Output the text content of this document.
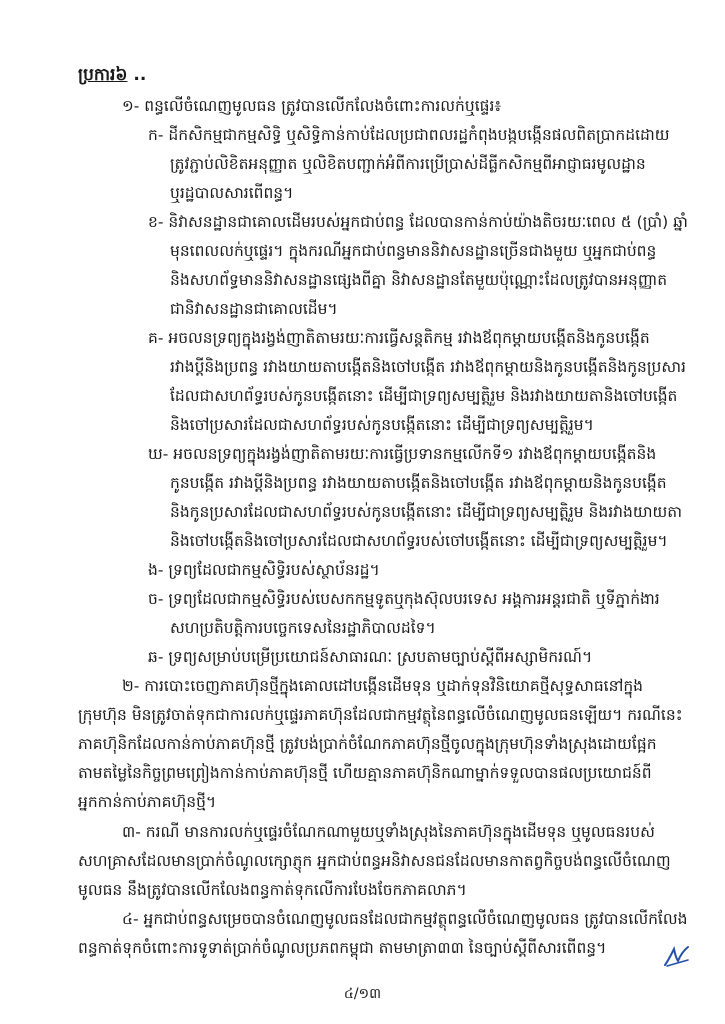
ប្រការ៦ ..
១- ពន្ធលើចំណេញមូលធន ត្រូវបានលើកលែងចំពោះការលក់ឬផ្ទេរ៖
ក- ដីកសិកម្មជាកម្មសិទ្ធិ ឬសិទ្ធិកាន់កាប់ដែលប្រជាពលរដ្ឋកំពុងបង្កបង្កើនផលពិតប្រាកដដោយ
ត្រូវភ្ជាប់លិខិតអនុញ្ញាត ឬលិខិតបញ្ជាក់អំពីការប្រើប្រាស់ដីធ្លីកសិកម្មពីអាជ្ញាធរមូលដ្ឋាន
ឬរដ្ឋបាលសារពើពន្ធ។
ខ- និវាសនដ្ឋានជាគោលដើមរបស់អ្នកជាប់ពន្ធ ដែលបានកាន់កាប់យ៉ាងតិចរយៈពេល ៥ (ប្រាំ) ឆ្នាំ
មុនពេលលក់ឬផ្ទេរ។ ក្នុងករណីអ្នកជាប់ពន្ធមាននិវាសនដ្ឋានច្រើនជាងមួយ ឬអ្នកជាប់ពន្ធ
និងសហព័ទ្ធមាននិវាសនដ្ឋានផ្សេងពីគ្នា និវាសនដ្ឋានតែមួយប៉ុណ្ណោះដែលត្រូវបានអនុញ្ញាត
ជានិវាសនដ្ឋានជាគោលដើម។
គ- អចលនទ្រព្យក្នុងរង្វង់ញាតិតាមរយៈការធ្វើសន្តតិកម្ម រវាងឪពុកម្ដាយបង្កើតនិងកូនបង្កើត
រវាងប្ដីនិងប្រពន្ធ រវាងយាយតាបង្កើតនិងចៅបង្កើត រវាងឪពុកម្ដាយនិងកូនបង្កើតនិងកូនប្រសារ
ដែលជាសហព័ទ្ធរបស់កូនបង្កើតនោះ ដើម្បីជាទ្រព្យសម្បត្តិរួម និងរវាងយាយតានិងចៅបង្កើត
និងចៅប្រសារដែលជាសហព័ទ្ធរបស់កូនបង្កើតនោះ ដើម្បីជាទ្រព្យសម្បត្តិរួម។
ឃ- អចលនទ្រព្យក្នុងរង្វង់ញាតិតាមរយៈការធ្វើប្រទានកម្មលើកទី១ រវាងឪពុកម្ដាយបង្កើតនិង
កូនបង្កើត រវាងប្ដីនិងប្រពន្ធ រវាងយាយតាបង្កើតនិងចៅបង្កើត រវាងឪពុកម្ដាយនិងកូនបង្កើត
និងកូនប្រសារដែលជាសហព័ទ្ធរបស់កូនបង្កើតនោះ ដើម្បីជាទ្រព្យសម្បត្តិរួម និងរវាងយាយតា
និងចៅបង្កើតនិងចៅប្រសារដែលជាសហព័ទ្ធរបស់ចៅបង្កើតនោះ ដើម្បីជាទ្រព្យសម្បត្តិរួម។
ង- ទ្រព្យដែលជាកម្មសិទ្ធិរបស់ស្ថាប័នរដ្ឋ។
ច- ទ្រព្យដែលជាកម្មសិទ្ធិរបស់បេសកកម្មទូតឬកុងស៊ុលបរទេស អង្គការអន្តរជាតិ ឬទីភ្នាក់ងារ
សហប្រតិបត្តិការបច្ចេកទេសនៃរដ្ឋាភិបាលដទៃ។
ឆ- ទ្រព្យសម្រាប់បម្រើប្រយោជន៍សាធារណៈ ស្របតាមច្បាប់ស្ដីពីអស្សាមិករណ៍។
២- ការបោះចេញភាគហ៊ុនថ្មីក្នុងគោលដៅបង្កើនដើមទុន ឬដាក់ទុនវិនិយោគថ្មីសុទ្ធសាធនៅក្នុង
ក្រុមហ៊ុន មិនត្រូវចាត់ទុកជាការលក់ឬផ្ទេរភាគហ៊ុនដែលជាកម្មវត្ថុនៃពន្ធលើចំណេញមូលធនឡើយ។ ករណីនេះ
ភាគហ៊ុនិកដែលកាន់កាប់ភាគហ៊ុនថ្មី ត្រូវបង់ប្រាក់ចំណែកភាគហ៊ុនថ្មីចូលក្នុងក្រុមហ៊ុនទាំងស្រុងដោយផ្អែក
តាមតម្លៃនៃកិច្ចព្រមព្រៀងកាន់កាប់ភាគហ៊ុនថ្មី ហើយគ្មានភាគហ៊ុនិកណាម្នាក់ទទួលបានផលប្រយោជន៍ពី
អ្នកកាន់កាប់ភាគហ៊ុនថ្មី។
៣- ករណី មានការលក់ឬផ្ទេរចំណែកណាមួយឬទាំងស្រុងនៃភាគហ៊ុនក្នុងដើមទុន ឬមូលធនរបស់
សហគ្រាសដែលមានប្រាក់ចំណូលក្សោភ្ញុក អ្នកជាប់ពន្ធអនិវាសនជនដែលមានកាតព្វកិច្ចបង់ពន្ធលើចំណេញ
មូលធន នឹងត្រូវបានលើកលែងពន្ធកាត់ទុកលើការបែងចែកភាគលាភ។
៤- អ្នកជាប់ពន្ធសម្រេចបានចំណេញមូលធនដែលជាកម្មវត្ថុពន្ធលើចំណេញមូលធន ត្រូវបានលើកលែង
ពន្ធកាត់ទុកចំពោះការទូទាត់ប្រាក់ចំណូលប្រភពកម្ពុជា តាមមាត្រា៣៣ នៃច្បាប់ស្ដីពីសារពើពន្ធ។
៤/១៣
